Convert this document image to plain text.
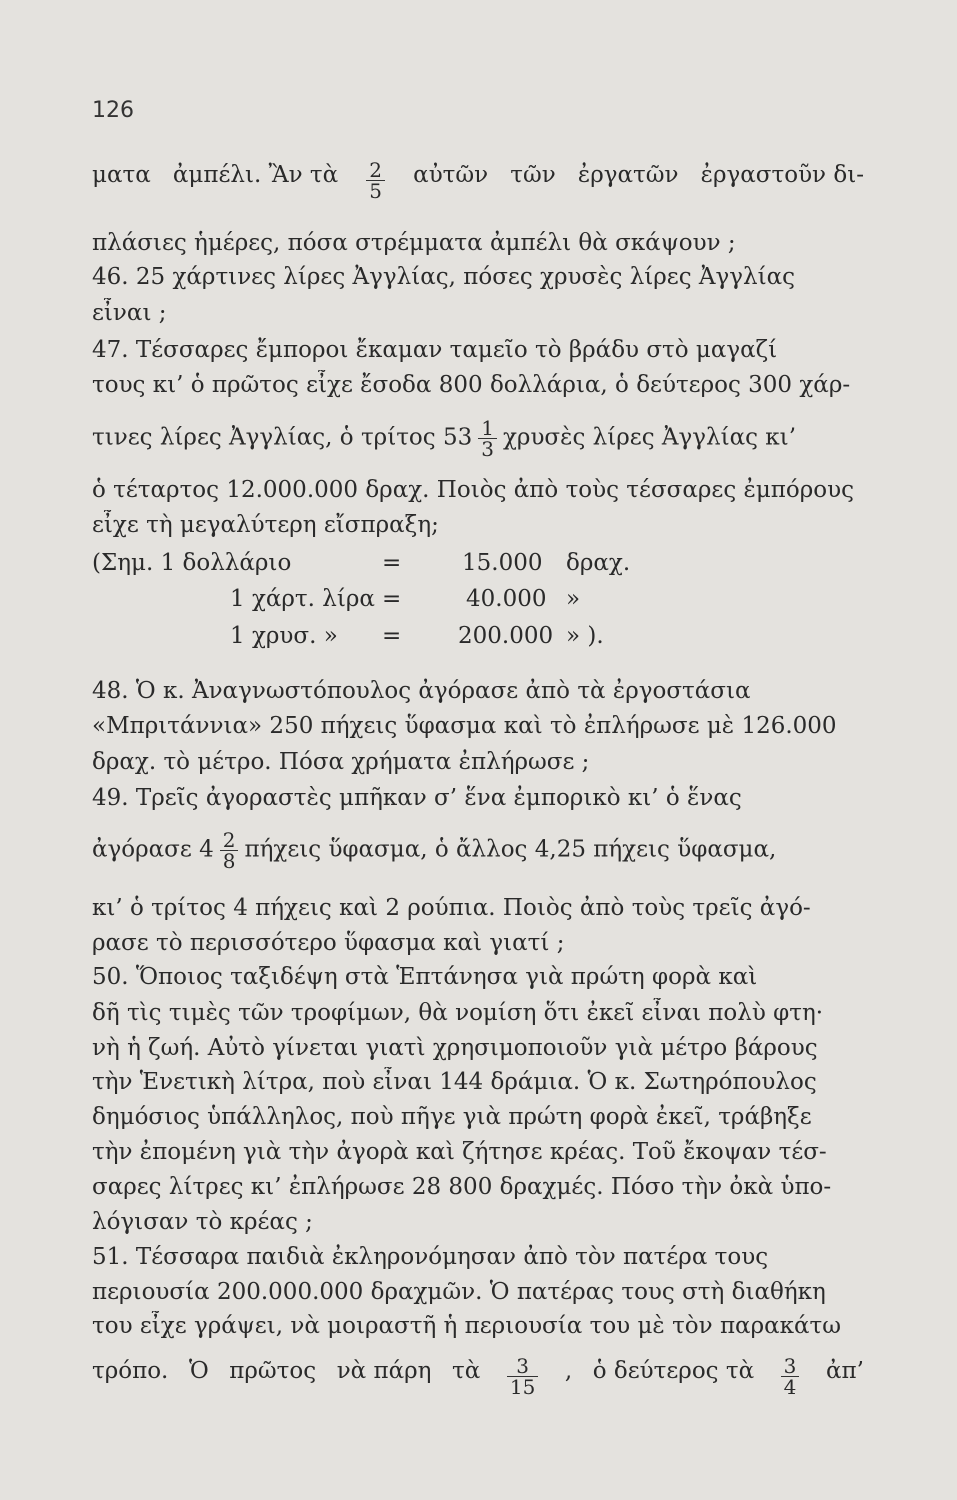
126
ματα ἀμπέλι. Ἂν τὰ $\frac{2}{5}$ αὐτῶν τῶν ἐργατῶν ἐργαστοῦν δι-
πλάσιες ἡμέρες, πόσα στρέμματα ἀμπέλι θὰ σκάψουν ;
46. 25 χάρτινες λίρες Ἀγγλίας, πόσες χρυσὲς λίρες Ἀγγλίας
εἶναι ;
47. Τέσσαρες ἔμποροι ἔκαμαν ταμεῖο τὸ βράδυ στὸ μαγαζί
τους κι’ ὁ πρῶτος εἶχε ἔσοδα 800 δολλάρια, ὁ δεύτερος 300 χάρ-
τινες λίρες Ἀγγλίας, ὁ τρίτος $53 \frac{1}{3}$ χρυσὲς λίρες Ἀγγλίας κι’
ὁ τέταρτος 12.000.000 δραχ. Ποιὸς ἀπὸ τοὺς τέσσαρες ἐμπόρους
εἶχε τὴ μεγαλύτερη εἴσπραξη;
(Σημ. 1 δολλάριο	=	15.000 δραχ.
1 χάρτ. λίρα =	40.000 »
1 χρυσ. » = 200.000 » ).
48. Ὁ κ. Ἀναγνωστόπουλος ἀγόρασε ἀπὸ τὰ ἐργοστάσια
«Μπριτάννια» 250 πήχεις ὕφασμα καὶ τὸ ἐπλήρωσε μὲ 126.000
δραχ. τὸ μέτρο. Πόσα χρήματα ἐπλήρωσε ;
49. Τρεῖς ἀγοραστὲς μπῆκαν σ’ ἕνα ἐμπορικὸ κι’ ὁ ἕνας
ἀγόρασε $4 \frac{2}{8}$ πήχεις ὕφασμα, ὁ ἄλλος 4,25 πήχεις ὕφασμα,
κι’ ὁ τρίτος 4 πήχεις καὶ 2 ρούπια. Ποιὸς ἀπὸ τοὺς τρεῖς ἀγό-
ρασε τὸ περισσότερο ὕφασμα καὶ γιατί ;
50. Ὅποιος ταξιδέψη στὰ Ἑπτάνησα γιὰ πρώτη φορὰ καὶ
δῆ τὶς τιμὲς τῶν τροφίμων, θὰ νομίση ὅτι ἐκεῖ εἶναι πολὺ φτη·
νὴ ἡ ζωή. Αὐτὸ γίνεται γιατὶ χρησιμοποιοῦν γιὰ μέτρο βάρους
τὴν Ἑνετικὴ λίτρα, ποὺ εἶναι 144 δράμια. Ὁ κ. Σωτηρόπουλος
δημόσιος ὑπάλληλος, ποὺ πῆγε γιὰ πρώτη φορὰ ἐκεῖ, τράβηξε
τὴν ἐπομένη γιὰ τὴν ἀγορὰ καὶ ζήτησε κρέας. Τοῦ ἔκοψαν τέσ-
σαρες λίτρες κι’ ἐπλήρωσε 28 800 δραχμές. Πόσο τὴν ὀκὰ ὑπο-
λόγισαν τὸ κρέας ;
51. Τέσσαρα παιδιὰ ἐκληρονόμησαν ἀπὸ τὸν πατέρα τους
περιουσία 200.000.000 δραχμῶν. Ὁ πατέρας τους στὴ διαθήκη
του εἶχε γράψει, νὰ μοιραστῆ ἡ περιουσία του μὲ τὸν παρακάτω
τρόπο. Ὁ πρῶτος νὰ πάρη τὰ $\frac{3}{15}$ , ὁ δεύτερος τὰ $\frac{3}{4}$ ἀπ’
